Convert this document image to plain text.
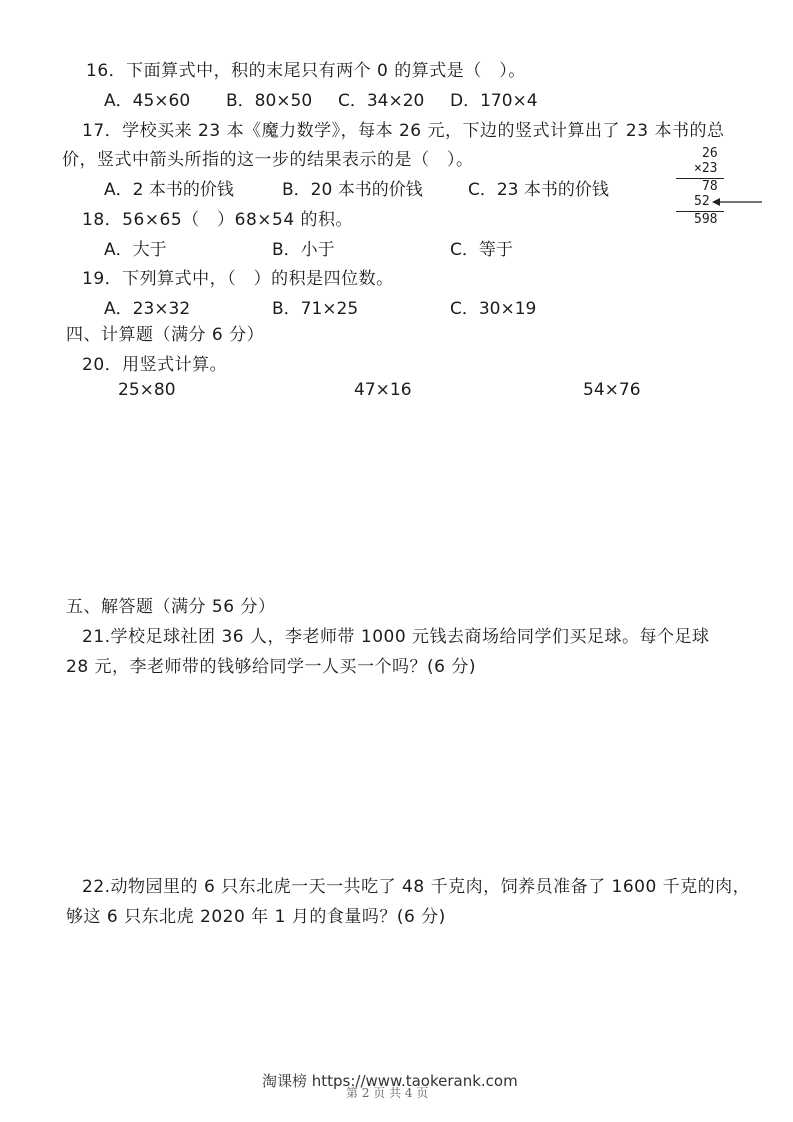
16．下面算式中，积的末尾只有两个 0 的算式是（　）。
A．45×60 B．80×50 C．34×20 D．170×4
17．学校买来 23 本《魔力数学》，每本 26 元，下边的竖式计算出了 23 本书的总
价，竖式中箭头所指的这一步的结果表示的是（　）。
A．2 本书的价钱	B．20 本书的价钱	C．23 本书的价钱
26
×23
78
52
598
18．56×65（　）68×54 的积。
A．大于	B．小于	C．等于
19．下列算式中，（　）的积是四位数。
A．23×32	B．71×25	C．30×19
四、计算题（满分 6 分）
20．用竖式计算。
25×80	47×16	54×76
五、解答题（满分 56 分）
21.学校足球社团 36 人，李老师带 1000 元钱去商场给同学们买足球。每个足球
28 元，李老师带的钱够给同学一人买一个吗？(6 分)
22.动物园里的 6 只东北虎一天一共吃了 48 千克肉，饲养员准备了 1600 千克的肉，
够这 6 只东北虎 2020 年 1 月的食量吗？(6 分)
第 2 页 共 4 页
淘课榜 https://www.taokerank.com
